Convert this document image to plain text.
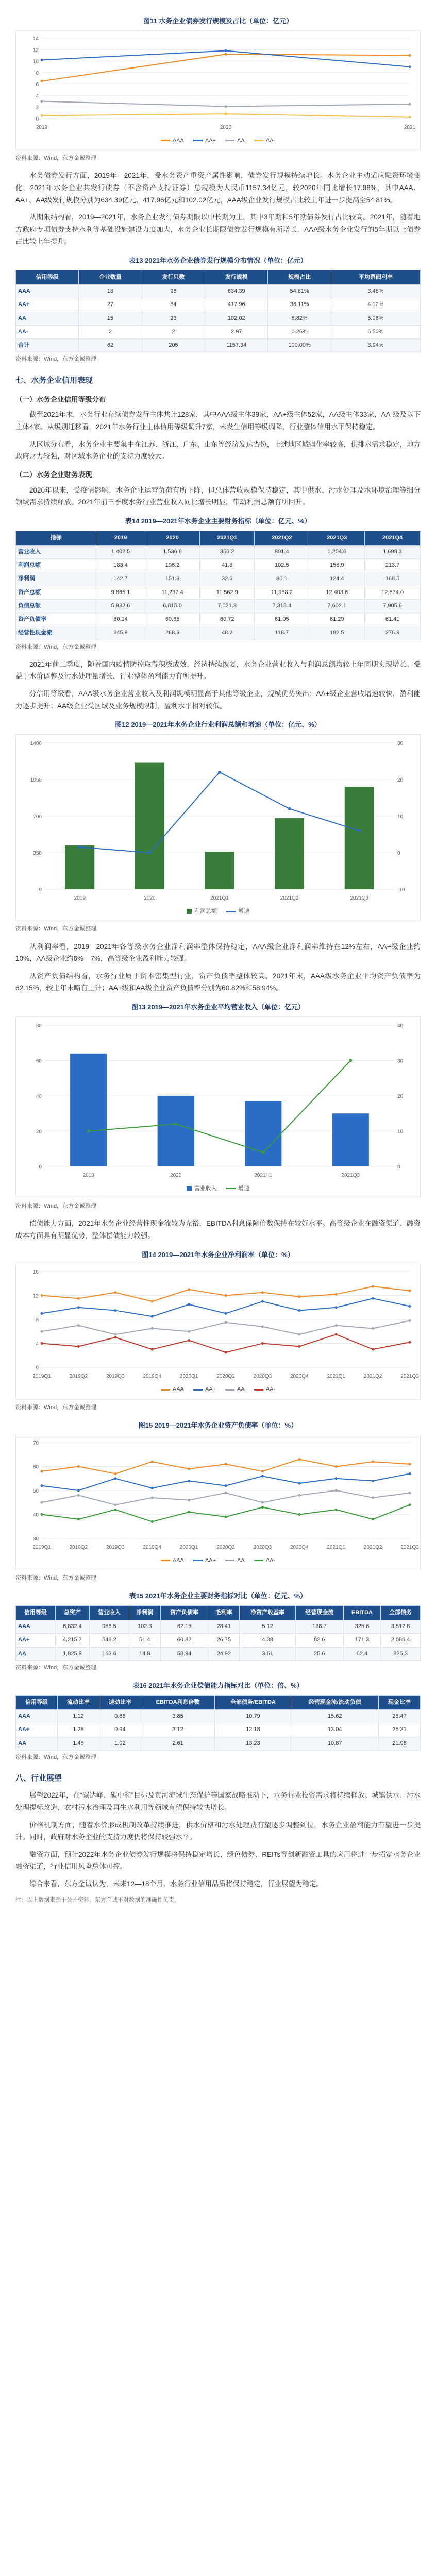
图11 水务企业债券发行规模及占比（单位：亿元）
0
2
4
6
8
10
12
14
2019	2020	2021
AAA	AA+	AA	AA-
资料来源：Wind，东方金诚整理

水务债券发行方面，2019年—2021年，受水务资产重资产属性影响，债券发行规模持续增长。水务企业主动适应融资环境变化，2021年水务企业共发行债券（不含资产支持证券）总规模为人民币1157.34亿元，较2020年同比增长17.98%，其中AAA、AA+、AA级发行规模分别为634.39亿元、417.96亿元和102.02亿元，AAA级企业发行规模占比较上年进一步提高至54.81%。

从期限结构看，2019—2021年，水务企业发行债券期限以中长期为主，其中3年期和5年期债券发行占比较高。2021年，随着地方政府专项债券支持水利等基础设施建设力度加大，水务企业长期限债券发行规模有所增长，AAA级水务企业发行的5年期以上债券占比较上年提升。

表13 2021年水务企业债券发行规模分布情况（单位：亿元）
信用等级	企业数量	发行只数	发行规模	规模占比	平均票面利率
AAA	18	96	634.39	54.81%	3.48%
AA+	27	84	417.96	36.11%	4.12%
AA	15	23	102.02	8.82%	5.06%
AA-	2	2	2.97	0.26%	6.50%
合计	62	205	1157.34	100.00%	3.94%
资料来源：Wind，东方金诚整理
七、水务企业信用表现
（一）水务企业信用等级分布

截至2021年末，水务行业存续债券发行主体共计128家，其中AAA级主体39家，AA+级主体52家，AA级主体33家，AA-级及以下主体4家。从级别迁移看，2021年水务行业主体信用等级调升7家，未发生信用等级调降，行业整体信用水平保持稳定。

从区域分布看，水务企业主要集中在江苏、浙江、广东、山东等经济发达省份，上述地区城镇化率较高，供排水需求稳定，地方政府财力较强，对区域水务企业的支持力度较大。

（二）水务企业财务表现

2020年以来，受疫情影响，水务企业运营负荷有所下降，但总体营收规模保持稳定，其中供水、污水处理及水环境治理等细分领域需求持续释放。2021年前三季度水务行业营业收入同比增长明显，带动利润总额有所回升。

表14 2019—2021年水务企业主要财务指标（单位：亿元、%）
指标	2019	2020	2021Q1	2021Q2	2021Q3	2021Q4
营业收入	1,402.5	1,536.8	356.2	801.4	1,204.6	1,698.3
利润总额	183.4	196.2	41.8	102.5	158.9	213.7
净利润	142.7	151.3	32.6	80.1	124.4	168.5
资产总额	9,865.1	11,237.4	11,562.9	11,988.2	12,403.6	12,874.0
负债总额	5,932.6	6,815.0	7,021.3	7,318.4	7,602.1	7,905.6
资产负债率	60.14	60.65	60.72	61.05	61.29	61.41
经营性现金流	245.8	268.3	48.2	118.7	182.5	276.9
资料来源：Wind，东方金诚整理

2021年前三季度，随着国内疫情防控取得积极成效，经济持续恢复，水务企业营业收入与利润总额均较上年同期实现增长。受益于水价调整及污水处理量增长，行业整体盈利能力有所提升。

分信用等级看，AAA级水务企业营业收入及利润规模明显高于其他等级企业，规模优势突出；AA+级企业营收增速较快，盈利能力逐步提升；AA级企业受区域及业务规模限制，盈利水平相对较低。

图12 2019—2021年水务企业行业利润总额和增速（单位：亿元、%）
0	-10
350	0
700	10
1050	20
1400	30
2019	2020	2021Q1	2021Q2	2021Q3
利润总额	增速
资料来源：Wind，东方金诚整理

从利润率看，2019—2021年各等级水务企业净利润率整体保持稳定，AAA级企业净利润率维持在12%左右，AA+级企业约10%，AA级企业约6%—7%，高等级企业盈利能力较强。

从资产负债结构看，水务行业属于资本密集型行业，资产负债率整体较高。2021年末，AAA级水务企业平均资产负债率为62.15%，较上年末略有上升；AA+级和AA级企业资产负债率分别为60.82%和58.94%。

图13 2019—2021年水务企业平均营业收入（单位：亿元）
0	0
20	10
40	20
60	30
80	40
2019	2020	2021H1	2021Q3
营业收入	增速
资料来源：Wind，东方金诚整理

偿债能力方面，2021年水务企业经营性现金流较为充裕，EBITDA利息保障倍数保持在较好水平。高等级企业在融资渠道、融资成本方面具有明显优势，整体偿债能力较强。

图14 2019—2021年水务企业净利润率（单位：%）
0
4
8
12
16
2019Q1	2019Q2	2019Q3	2019Q4	2020Q1	2020Q2	2020Q3	2020Q4	2021Q1	2021Q2	2021Q3
AAA	AA+	AA	AA-
资料来源：Wind，东方金诚整理
图15 2019—2021年水务企业资产负债率（单位：%）
30
40
50
60
70
2019Q1	2019Q2	2019Q3	2019Q4	2020Q1	2020Q2	2020Q3	2020Q4	2021Q1	2021Q2	2021Q3
AAA	AA+	AA	AA-
资料来源：Wind，东方金诚整理
表15 2021年水务企业主要财务指标对比（单位：亿元、%）
信用等级	总资产	营业收入	净利润	资产负债率	毛利率	净资产收益率	经营现金流	EBITDA	全部债务
AAA	6,832.4	986.5	102.3	62.15	28.41	5.12	168.7	325.6	3,512.8
AA+	4,215.7	548.2	51.4	60.82	26.75	4.38	82.6	171.3	2,086.4
AA	1,825.9	163.6	14.8	58.94	24.92	3.61	25.6	62.4	825.3
资料来源：Wind，东方金诚整理
表16 2021年水务企业偿债能力指标对比（单位：倍、%）
信用等级	流动比率	速动比率	EBITDA利息倍数	全部债务/EBITDA	经营现金流/流动负债	现金比率
AAA	1.12	0.86	3.85	10.79	15.62	28.47
AA+	1.28	0.94	3.12	12.18	13.04	25.31
AA	1.45	1.02	2.61	13.23	10.87	21.96
资料来源：Wind，东方金诚整理
八、行业展望

展望2022年，在“碳达峰、碳中和”目标及黄河流域生态保护等国家战略推动下，水务行业投资需求将持续释放。城镇供水、污水处理提标改造、农村污水治理及再生水利用等领域有望保持较快增长。

价格机制方面，随着水价形成机制改革持续推进，供水价格和污水处理费有望逐步调整到位，水务企业盈利能力有望进一步提升。同时，政府对水务企业的支持力度仍将保持较强水平。

融资方面，预计2022年水务企业债券发行规模将保持稳定增长，绿色债券、REITs等创新融资工具的应用将进一步拓宽水务企业融资渠道，行业信用风险总体可控。

综合来看，东方金诚认为，未来12—18个月，水务行业信用品质将保持稳定，行业展望为稳定。

注：以上数据来源于公开资料，东方金诚不对数据的准确性负责。
